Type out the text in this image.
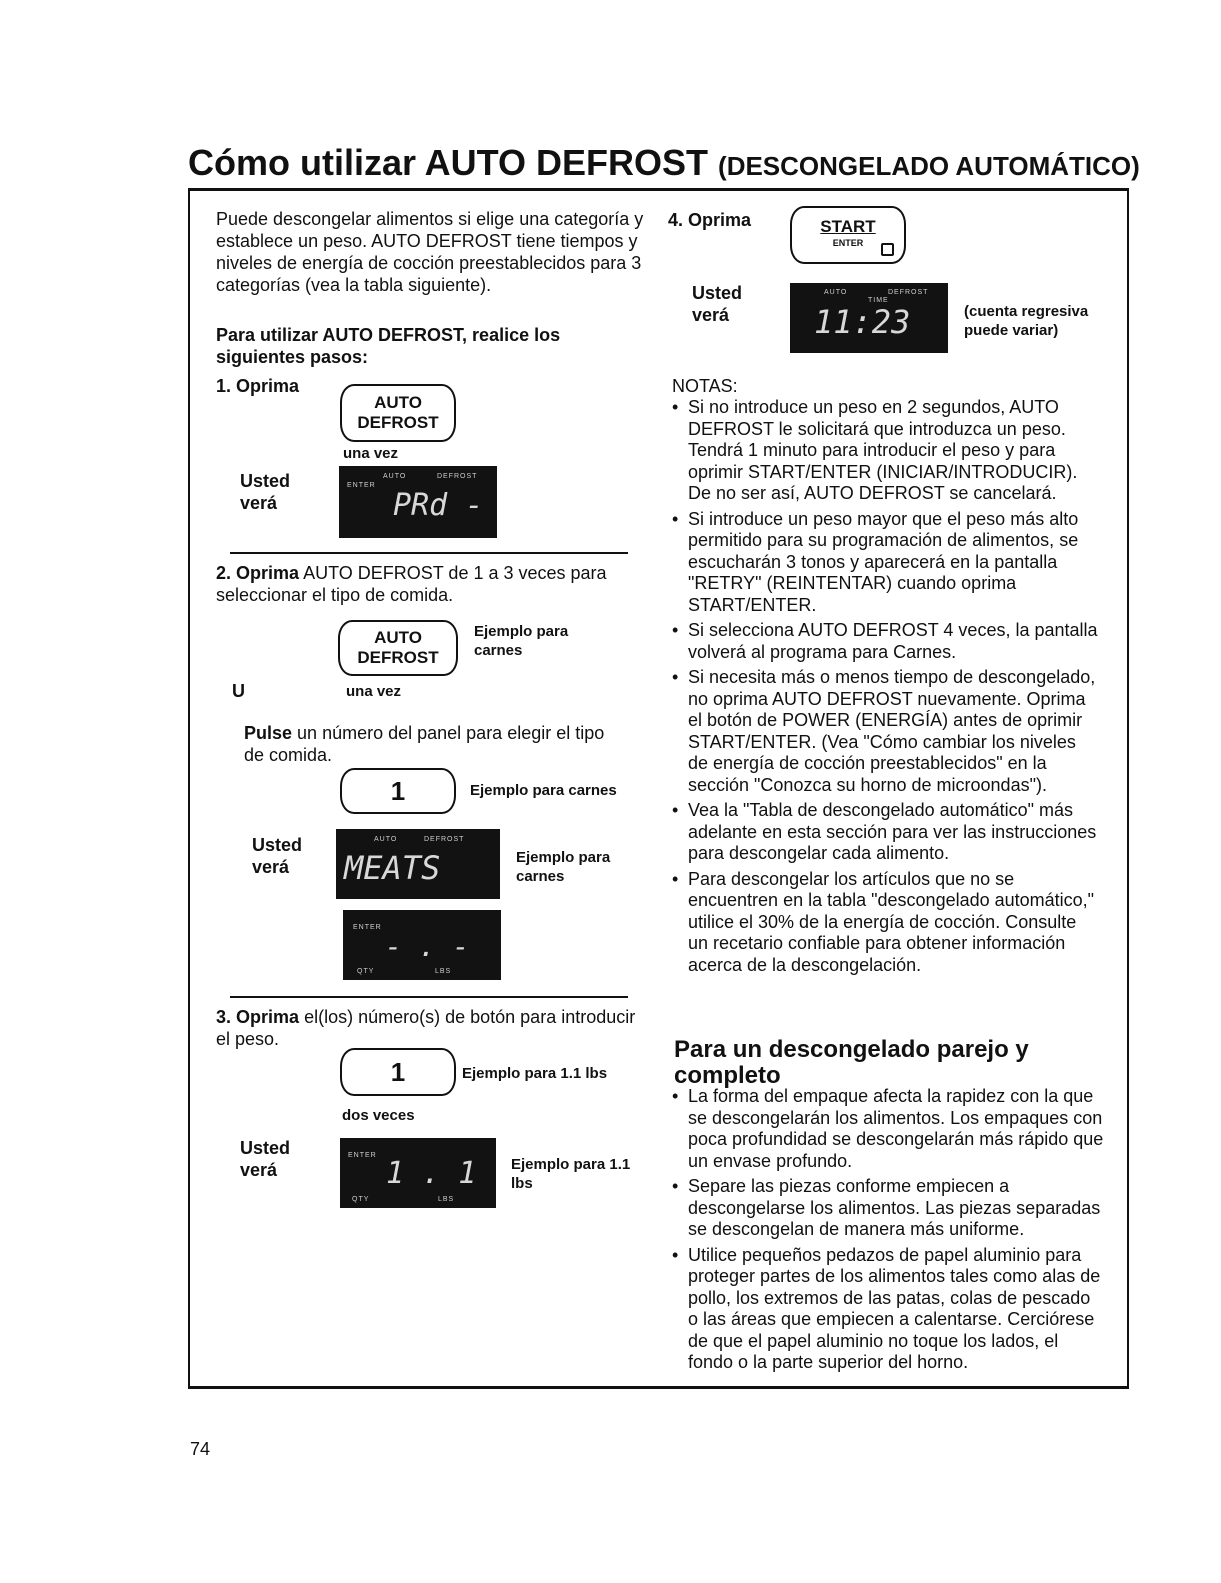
Cómo utilizar AUTO DEFROST (DESCONGELADO AUTOMÁTICO)
Puede descongelar alimentos si elige una categoría y establece un peso. AUTO DEFROST tiene tiempos y niveles de energía de cocción preestablecidos para 3 categorías (vea la tabla siguiente).
Para utilizar AUTO DEFROST, realice los siguientes pasos:
1. Oprima
AUTO
DEFROST
una vez
Usted verá
ENTER
AUTO	DEFROST
PRd -
2. Oprima AUTO DEFROST de 1 a 3 veces para seleccionar el tipo de comida.
AUTO
DEFROST
Ejemplo para carnes
una vez
U
Pulse un número del panel para elegir el tipo de comida.
1	Ejemplo para carnes
Usted verá
AUTO	DEFROST
MEATS	Ejemplo para carnes
ENTER
QTY	LBS
- . -
3. Oprima el(los) número(s) de botón para introducir el peso.
1	Ejemplo para 1.1 lbs
dos veces
Usted verá
ENTER
QTY	LBS
1 . 1 Ejemplo para 1.1 lbs
4. Oprima	START
ENTER
Usted verá
AUTO
TIME
DEFROST
11:23	(cuenta regresiva puede variar)
NOTAS:
• Si no introduce un peso en 2 segundos, AUTO DEFROST le solicitará que introduzca un peso. Tendrá 1 minuto para introducir el peso y para oprimir START/ENTER (INICIAR/INTRODUCIR). De no ser así, AUTO DEFROST se cancelará.
• Si introduce un peso mayor que el peso más alto permitido para su programación de alimentos, se escucharán 3 tonos y aparecerá en la pantalla "RETRY" (REINTENTAR) cuando oprima START/ENTER.
• Si selecciona AUTO DEFROST 4 veces, la pantalla volverá al programa para Carnes.
• Si necesita más o menos tiempo de descongelado, no oprima AUTO DEFROST nuevamente. Oprima el botón de POWER (ENERGÍA) antes de oprimir START/ENTER. (Vea "Cómo cambiar los niveles de energía de cocción preestablecidos" en la sección "Conozca su horno de microondas").
• Vea la "Tabla de descongelado automático" más adelante en esta sección para ver las instrucciones para descongelar cada alimento.
• Para descongelar los artículos que no se encuentren en la tabla "descongelado automático," utilice el 30% de la energía de cocción. Consulte un recetario confiable para obtener información acerca de la descongelación.
Para un descongelado parejo y completo
• La forma del empaque afecta la rapidez con la que se descongelarán los alimentos. Los empaques con poca profundidad se descongelarán más rápido que un envase profundo.
• Separe las piezas conforme empiecen a descongelarse los alimentos. Las piezas separadas se descongelan de manera más uniforme.
• Utilice pequeños pedazos de papel aluminio para proteger partes de los alimentos tales como alas de pollo, los extremos de las patas, colas de pescado o las áreas que empiecen a calentarse. Cerciórese de que el papel aluminio no toque los lados, el fondo o la parte superior del horno.
74
